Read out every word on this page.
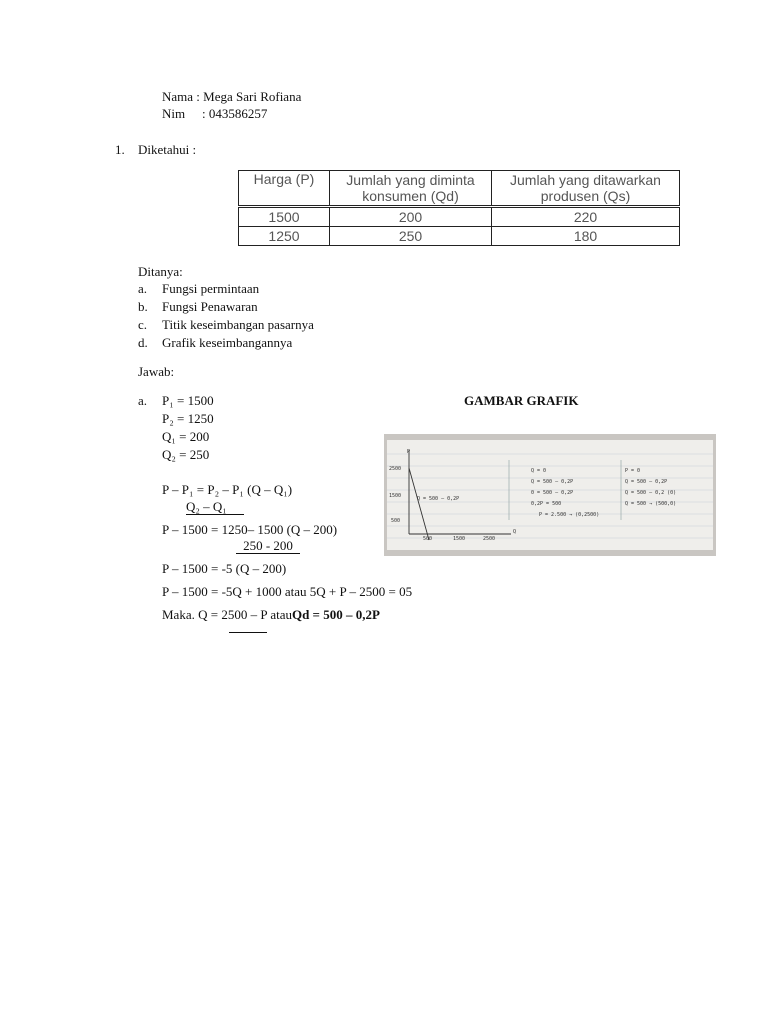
Nama : Mega Sari Rofiana
Nim : 043586257
1. Diketahui :
Harga (P)	Jumlah yang diminta konsumen (Qd)	Jumlah yang ditawarkan produsen (Qs)
1500	200	220
1250	250	180
Ditanya:
a. Fungsi permintaan
b. Fungsi Penawaran
c. Titik keseimbangan pasarnya
d. Grafik keseimbangannya
Jawab:
a. P₁ = 1500
P₂ = 1250
Q₁ = 200
Q₂ = 250
P – P₁ = P₂ – P₁ (Q – Q₁)
Q₂ – Q₁
P – 1500 = 1250– 1500 (Q – 200)
250 - 200
P – 1500 = -5 (Q – 200)
P – 1500 = -5Q + 1000 atau 5Q + P – 2500 = 05
Maka. Q = 2500 – P atauQd = 500 – 0,2P
GAMBAR GRAFIK
P
Q
2500
1500
500
500	1500	2500
Q = 500 – 0,2P
Q = 0
Q = 500 – 0,2P
0 = 500 – 0,2P
0,2P = 500
P = 2.500 → (0,2500)
P = 0
Q = 500 – 0,2P
Q = 500 – 0,2 (0)
Q = 500 → (500,0)
